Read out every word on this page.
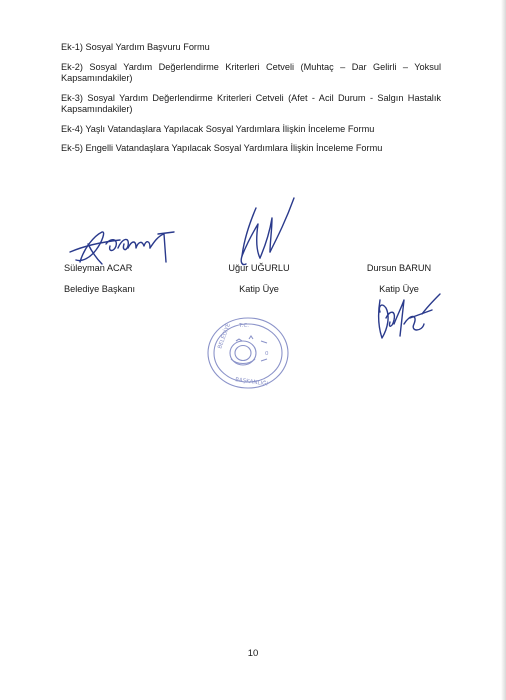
Ek-1) Sosyal Yardım Başvuru Formu

Ek-2) Sosyal Yardım Değerlendirme Kriterleri Cetveli (Muhtaç – Dar Gelirli – Yoksul Kapsamındakiler)

Ek-3) Sosyal Yardım Değerlendirme Kriterleri Cetveli (Afet - Acil Durum - Salgın Hastalık Kapsamındakiler)

Ek-4) Yaşlı Vatandaşlara Yapılacak Sosyal Yardımlara İlişkin İnceleme Formu

Ek-5) Engelli Vatandaşlara Yapılacak Sosyal Yardımlara İlişkin İnceleme Formu

T.C.
0
BELEDİYE
BAŞKANLIĞI
Süleyman ACAR
Belediye Başkanı
Uğur UĞURLU
Katip Üye
Dursun BARUN
Katip Üye
10
